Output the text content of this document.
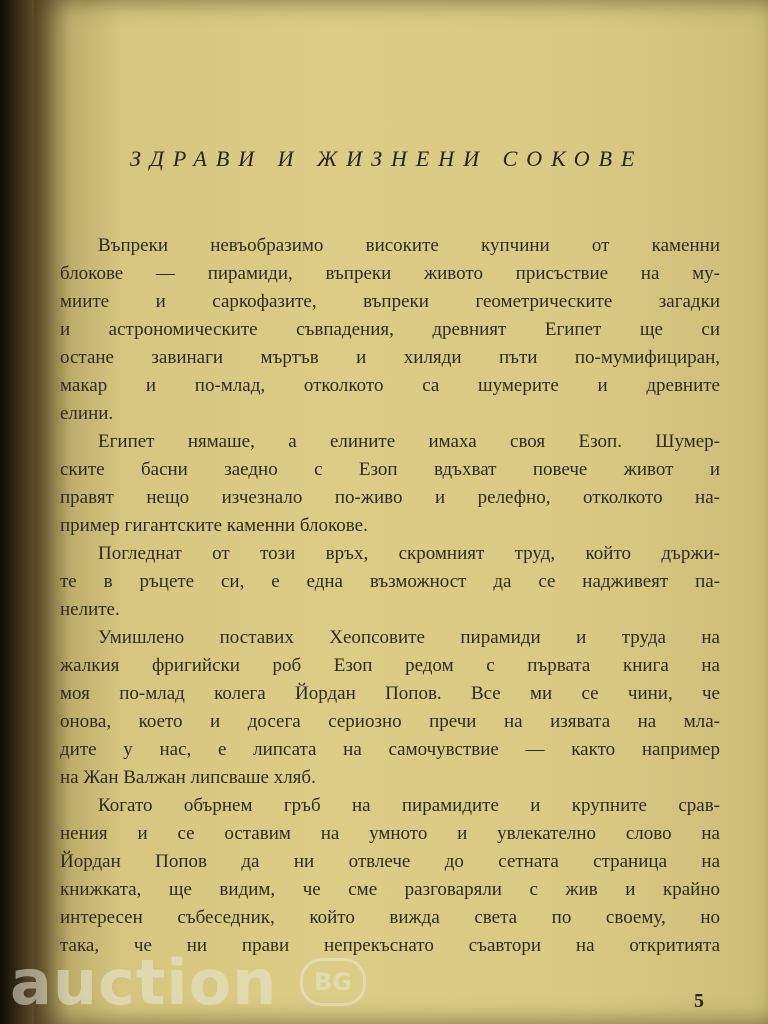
ЗДРАВИ И ЖИЗНЕНИ СОКОВЕ
Въпреки невъобразимо високите купчини от каменни
блокове — пирамиди, въпреки живото присъствие на му-
миите и саркофазите, въпреки геометрическите загадки
и астрономическите съвпадения, древният Египет ще си
остане завинаги мъртъв и хиляди пъти по-мумифициран,
макар и по-млад, отколкото са шумерите и древните
елини.
Египет нямаше, а елините имаха своя Езоп. Шумер-
ските басни заедно с Езоп вдъхват повече живот и
правят нещо изчезнало по-живо и релефно, отколкото на-
пример гигантските каменни блокове.
Погледнат от този връх, скромният труд, който държи-
те в ръцете си, е една възможност да се надживеят па-
нелите.
Умишлено поставих Хеопсовите пирамиди и труда на
жалкия фригийски роб Езоп редом с първата книга на
моя по-млад колега Йордан Попов. Все ми се чини, че
онова, което и досега сериозно пречи на изявата на мла-
дите у нас, е липсата на самочувствие — както например
на Жан Валжан липсваше хляб.
Когато обърнем гръб на пирамидите и крупните срав-
нения и се оставим на умното и увлекателно слово на
Йордан Попов да ни отвлече до сетната страница на
книжката, ще видим, че сме разговаряли с жив и крайно
интересен събеседник, който вижда света по своему, но
така, че ни прави непрекъснато съавтори на откритията
5
auction	BG
